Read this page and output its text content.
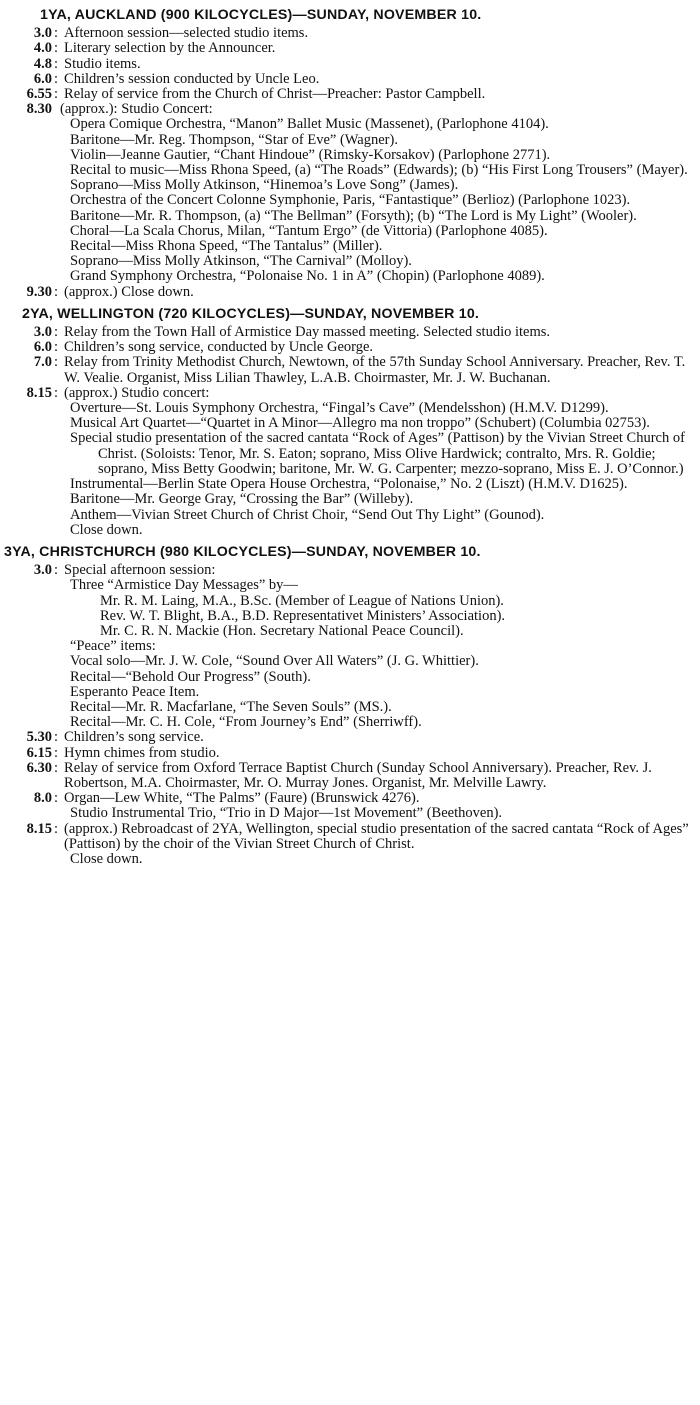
1YA, AUCKLAND (900 KILOCYCLES)—SUNDAY, NOVEMBER 10.
3.0 : Afternoon session—selected studio items.
4.0 : Literary selection by the Announcer.
4.8 : Studio items.
6.0 : Children’s session conducted by Uncle Leo.
6.55 : Relay of service from the Church of Christ—Preacher: Pastor Campbell.
8.30 (approx.): Studio Concert:
Opera Comique Orchestra, “Manon” Ballet Music (Massenet), (Parlophone 4104).
Baritone—Mr. Reg. Thompson, “Star of Eve” (Wagner).
Violin—Jeanne Gautier, “Chant Hindoue” (Rimsky-Korsakov) (Parlophone 2771).
Recital to music—Miss Rhona Speed, (a) “The Roads” (Edwards); (b) “His First Long Trousers” (Mayer).
Soprano—Miss Molly Atkinson, “Hinemoa’s Love Song” (James).
Orchestra of the Concert Colonne Symphonie, Paris, “Fantastique” (Berlioz) (Parlophone 1023).
Baritone—Mr. R. Thompson, (a) “The Bellman” (Forsyth); (b) “The Lord is My Light” (Wooler).
Choral—La Scala Chorus, Milan, “Tantum Ergo” (de Vittoria) (Parlophone 4085).
Recital—Miss Rhona Speed, “The Tantalus” (Miller).
Soprano—Miss Molly Atkinson, “The Carnival” (Molloy).
Grand Symphony Orchestra, “Polonaise No. 1 in A” (Chopin) (Parlophone 4089).
9.30 : (approx.) Close down.
2YA, WELLINGTON (720 KILOCYCLES)—SUNDAY, NOVEMBER 10.
3.0 : Relay from the Town Hall of Armistice Day massed meeting. Selected studio items.
6.0 : Children’s song service, conducted by Uncle George.
7.0 : Relay from Trinity Methodist Church, Newtown, of the 57th Sunday School Anniversary. Preacher, Rev. T. W. Vealie. Organist, Miss Lilian Thawley, L.A.B. Choirmaster, Mr. J. W. Buchanan.
8.15 : (approx.) Studio concert:
Overture—St. Louis Symphony Orchestra, “Fingal’s Cave” (Mendelsshon) (H.M.V. D1299).
Musical Art Quartet—“Quartet in A Minor—Allegro ma non troppo” (Schubert) (Columbia 02753).
Special studio presentation of the sacred cantata “Rock of Ages” (Pattison) by the Vivian Street Church of Christ. (Soloists: Tenor, Mr. S. Eaton; soprano, Miss Olive Hardwick; contralto, Mrs. R. Goldie; soprano, Miss Betty Goodwin; baritone, Mr. W. G. Carpenter; mezzo-soprano, Miss E. J. O’Connor.)
Instrumental—Berlin State Opera House Orchestra, “Polonaise,” No. 2 (Liszt) (H.M.V. D1625).
Baritone—Mr. George Gray, “Crossing the Bar” (Willeby).
Anthem—Vivian Street Church of Christ Choir, “Send Out Thy Light” (Gounod).
Close down.
3YA, CHRISTCHURCH (980 KILOCYCLES)—SUNDAY, NOVEMBER 10.
3.0 : Special afternoon session:
Three “Armistice Day Messages” by—
Mr. R. M. Laing, M.A., B.Sc. (Member of League of Nations Union).
Rev. W. T. Blight, B.A., B.D. Representativet Ministers’ Association).
Mr. C. R. N. Mackie (Hon. Secretary National Peace Council).
“Peace” items:
Vocal solo—Mr. J. W. Cole, “Sound Over All Waters” (J. G. Whittier).
Recital—“Behold Our Progress” (South).
Esperanto Peace Item.
Recital—Mr. R. Macfarlane, “The Seven Souls” (MS.).
Recital—Mr. C. H. Cole, “From Journey’s End” (Sherriwff).
5.30 : Children’s song service.
6.15 : Hymn chimes from studio.
6.30 : Relay of service from Oxford Terrace Baptist Church (Sunday School Anniversary). Preacher, Rev. J. Robertson, M.A. Choirmaster, Mr. O. Murray Jones. Organist, Mr. Melville Lawry.
8.0 : Organ—Lew White, “The Palms” (Faure) (Brunswick 4276).
Studio Instrumental Trio, “Trio in D Major—1st Movement” (Beethoven).
8.15 : (approx.) Rebroadcast of 2YA, Wellington, special studio presentation of the sacred cantata “Rock of Ages” (Pattison) by the choir of the Vivian Street Church of Christ.
Close down.
